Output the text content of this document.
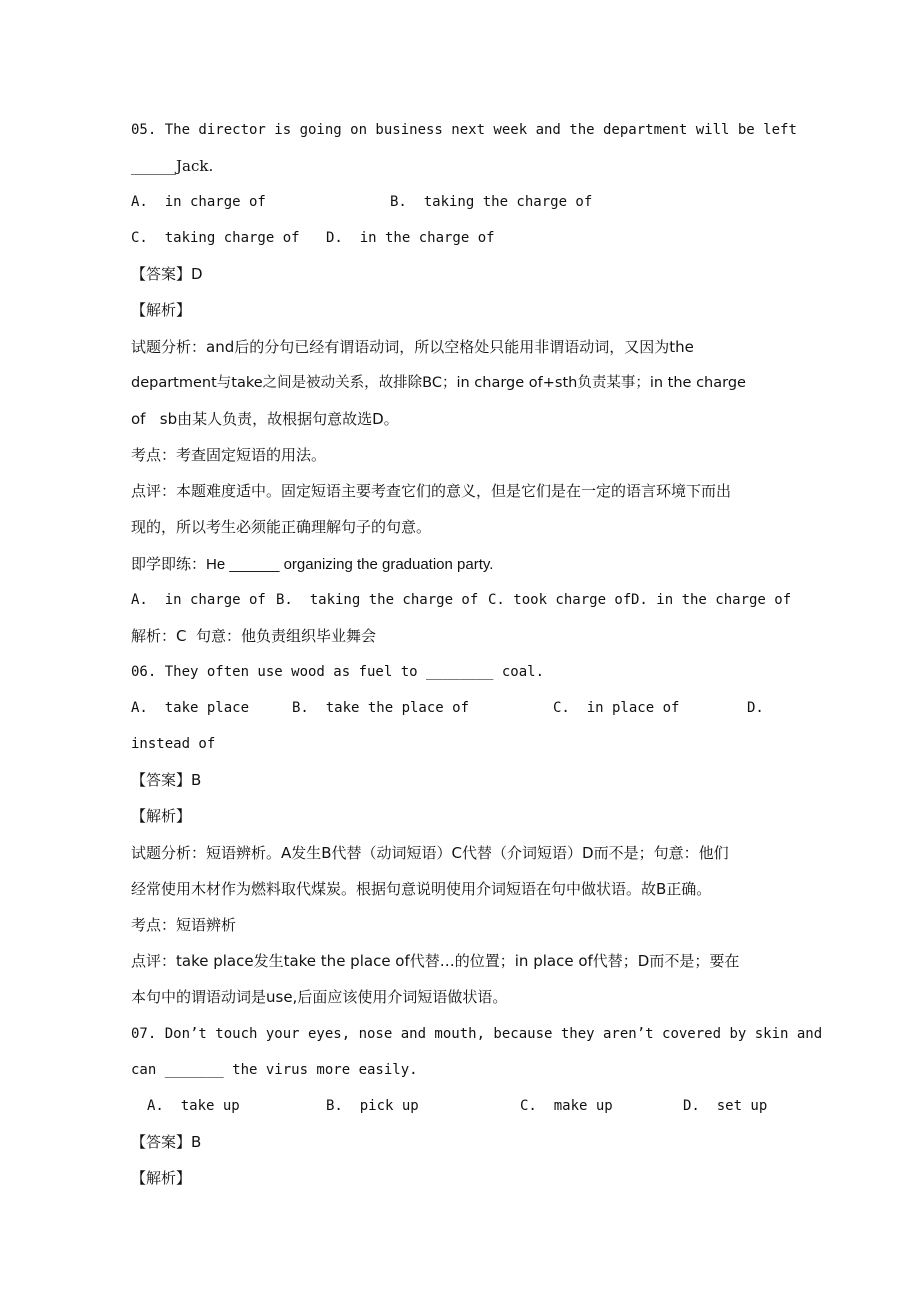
05. The director is going on business next week and the department will be left
______Jack.
A.  in charge of	B.  taking the charge of
C.  taking charge of D.  in the charge of
【答案】D
【解析】
试题分析：and后的分句已经有谓语动词，所以空格处只能用非谓语动词，又因为the
department与take之间是被动关系，故排除BC；in charge of+sth负责某事；in the charge
of   sb由某人负责，故根据句意故选D。
考点：考查固定短语的用法。
点评：本题难度适中。固定短语主要考查它们的意义，但是它们是在一定的语言环境下而出
现的，所以考生必须能正确理解句子的句意。
即学即练：He ______ organizing the graduation party.
A.  in charge of B.  taking the charge of C. took charge of D. in the charge of
解析：C  句意：他负责组织毕业舞会
06. They often use wood as fuel to ________ coal.
A.  take place	B.  take the place of	C.  in place of	D.
instead of
【答案】B
【解析】
试题分析：短语辨析。A发生B代替（动词短语）C代替（介词短语）D而不是；句意：他们
经常使用木材作为燃料取代煤炭。根据句意说明使用介词短语在句中做状语。故B正确。
考点：短语辨析
点评：take place发生take the place of代替…的位置；in place of代替；D而不是；要在
本句中的谓语动词是use,后面应该使用介词短语做状语。
07. Don’t touch your eyes, nose and mouth, because they aren’t covered by skin and
can _______ the virus more easily.
A.  take up	B.  pick up	C.  make up	D.  set up
【答案】B
【解析】
